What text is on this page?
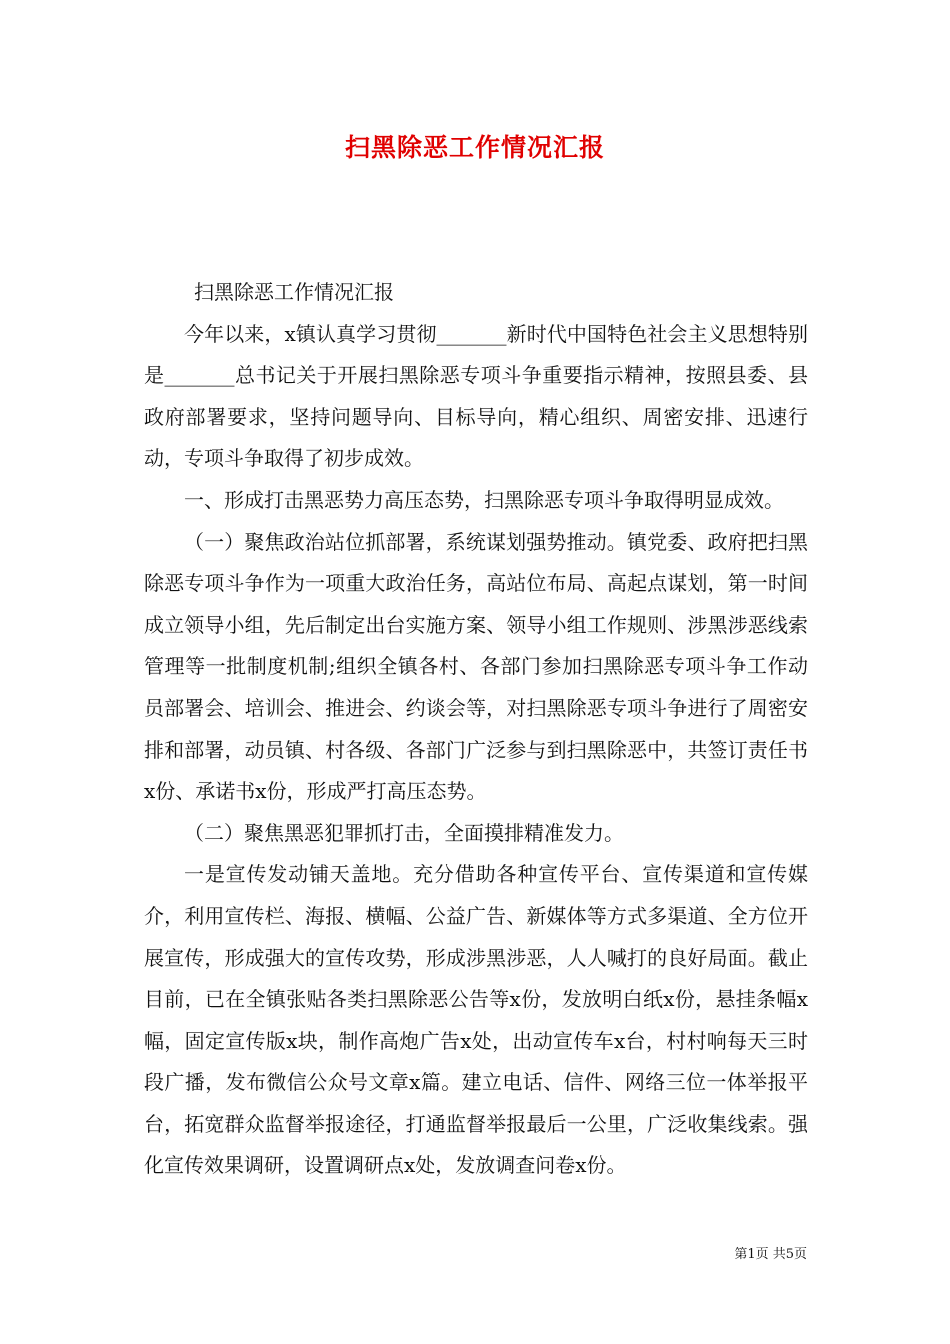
扫黑除恶工作情况汇报

扫黑除恶工作情况汇报

今年以来，x镇认真学习贯彻_______新时代中国特色社会主义思想特别是_______总书记关于开展扫黑除恶专项斗争重要指示精神，按照县委、县政府部署要求，坚持问题导向、目标导向，精心组织、周密安排、迅速行动，专项斗争取得了初步成效。

一、形成打击黑恶势力高压态势，扫黑除恶专项斗争取得明显成效。

（一）聚焦政治站位抓部署，系统谋划强势推动。镇党委、政府把扫黑除恶专项斗争作为一项重大政治任务，高站位布局、高起点谋划，第一时间成立领导小组，先后制定出台实施方案、领导小组工作规则、涉黑涉恶线索管理等一批制度机制;组织全镇各村、各部门参加扫黑除恶专项斗争工作动员部署会、培训会、推进会、约谈会等，对扫黑除恶专项斗争进行了周密安排和部署，动员镇、村各级、各部门广泛参与到扫黑除恶中，共签订责任书x份、承诺书x份，形成严打高压态势。

（二）聚焦黑恶犯罪抓打击，全面摸排精准发力。

一是宣传发动铺天盖地。充分借助各种宣传平台、宣传渠道和宣传媒介，利用宣传栏、海报、横幅、公益广告、新媒体等方式多渠道、全方位开展宣传，形成强大的宣传攻势，形成涉黑涉恶，人人喊打的良好局面。截止目前，已在全镇张贴各类扫黑除恶公告等x份，发放明白纸x份，悬挂条幅x幅，固定宣传版x块，制作高炮广告x处，出动宣传车x台，村村响每天三时段广播，发布微信公众号文章x篇。建立电话、信件、网络三位一体举报平台，拓宽群众监督举报途径，打通监督举报最后一公里，广泛收集线索。强化宣传效果调研，设置调研点x处，发放调查问卷x份。

第1页 共5页
